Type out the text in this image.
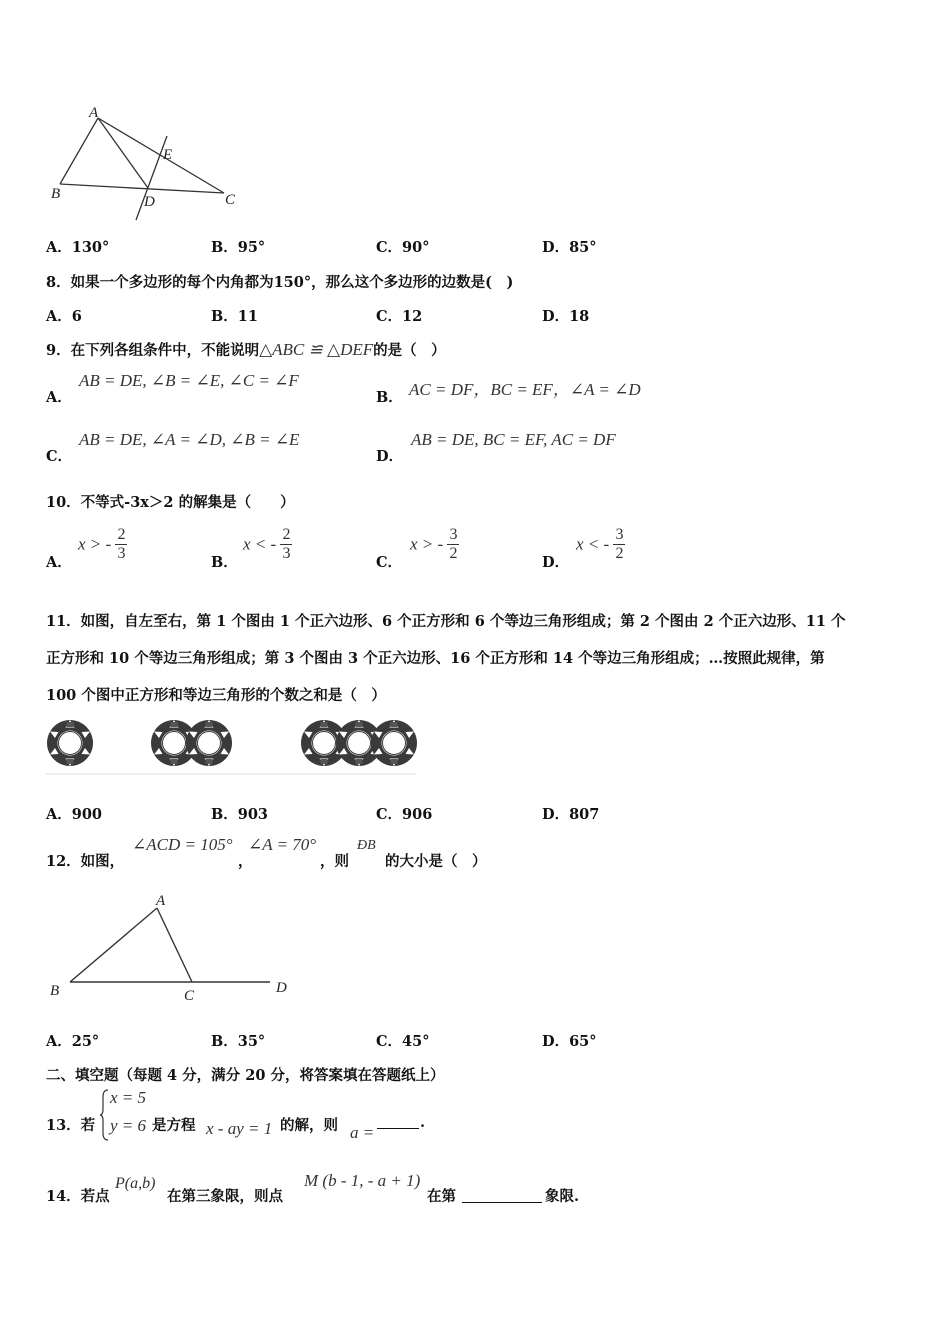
A
B	C
D
E
A．130°	B．95°	C．90°	D．85°
8．如果一个多边形的每个内角都为150°，那么这个多边形的边数是(　)
A．6	B．11	C．12	D．18
9．在下列各组条件中，不能说明△ABC ≌ △DEF的是（　）
A．
AB = DE, ∠B = ∠E, ∠C = ∠F
B． AC = DF，BC = EF，∠A = ∠D
C．
AB = DE, ∠A = ∠D, ∠B = ∠E
D．
AB = DE, BC = EF, AC = DF
10．不等式-3x＞2 的解集是（　　）
A．
x > - $\frac{2}{3}$	B．
x < - $\frac{2}{3}$	C．
x > - $\frac{3}{2}$	D．
x < - $\frac{3}{2}$
11．如图，自左至右，第 1 个图由 1 个正六边形、6 个正方形和 6 个等边三角形组成；第 2 个图由 2 个正六边形、11 个
正方形和 10 个等边三角形组成；第 3 个图由 3 个正六边形、16 个正方形和 14 个等边三角形组成；…按照此规律，第
100 个图中正方形和等边三角形的个数之和是（　）
A．900	B．903	C．906	D．807
12．如图，
∠ACD = 105°
，
∠A = 70°
，则
ÐB
的大小是（　）
A
B	C	D
A．25°	B．35°	C．45°	D．65°
二、填空题（每题 4 分，满分 20 分，将答案填在答题纸上）
13．若
x = 5
y = 6 是方程 x - ay = 1 的解，则 a =
.
14．若点
P(a,b)
在第三象限，则点
M (b - 1, - a + 1)
在第	象限.
